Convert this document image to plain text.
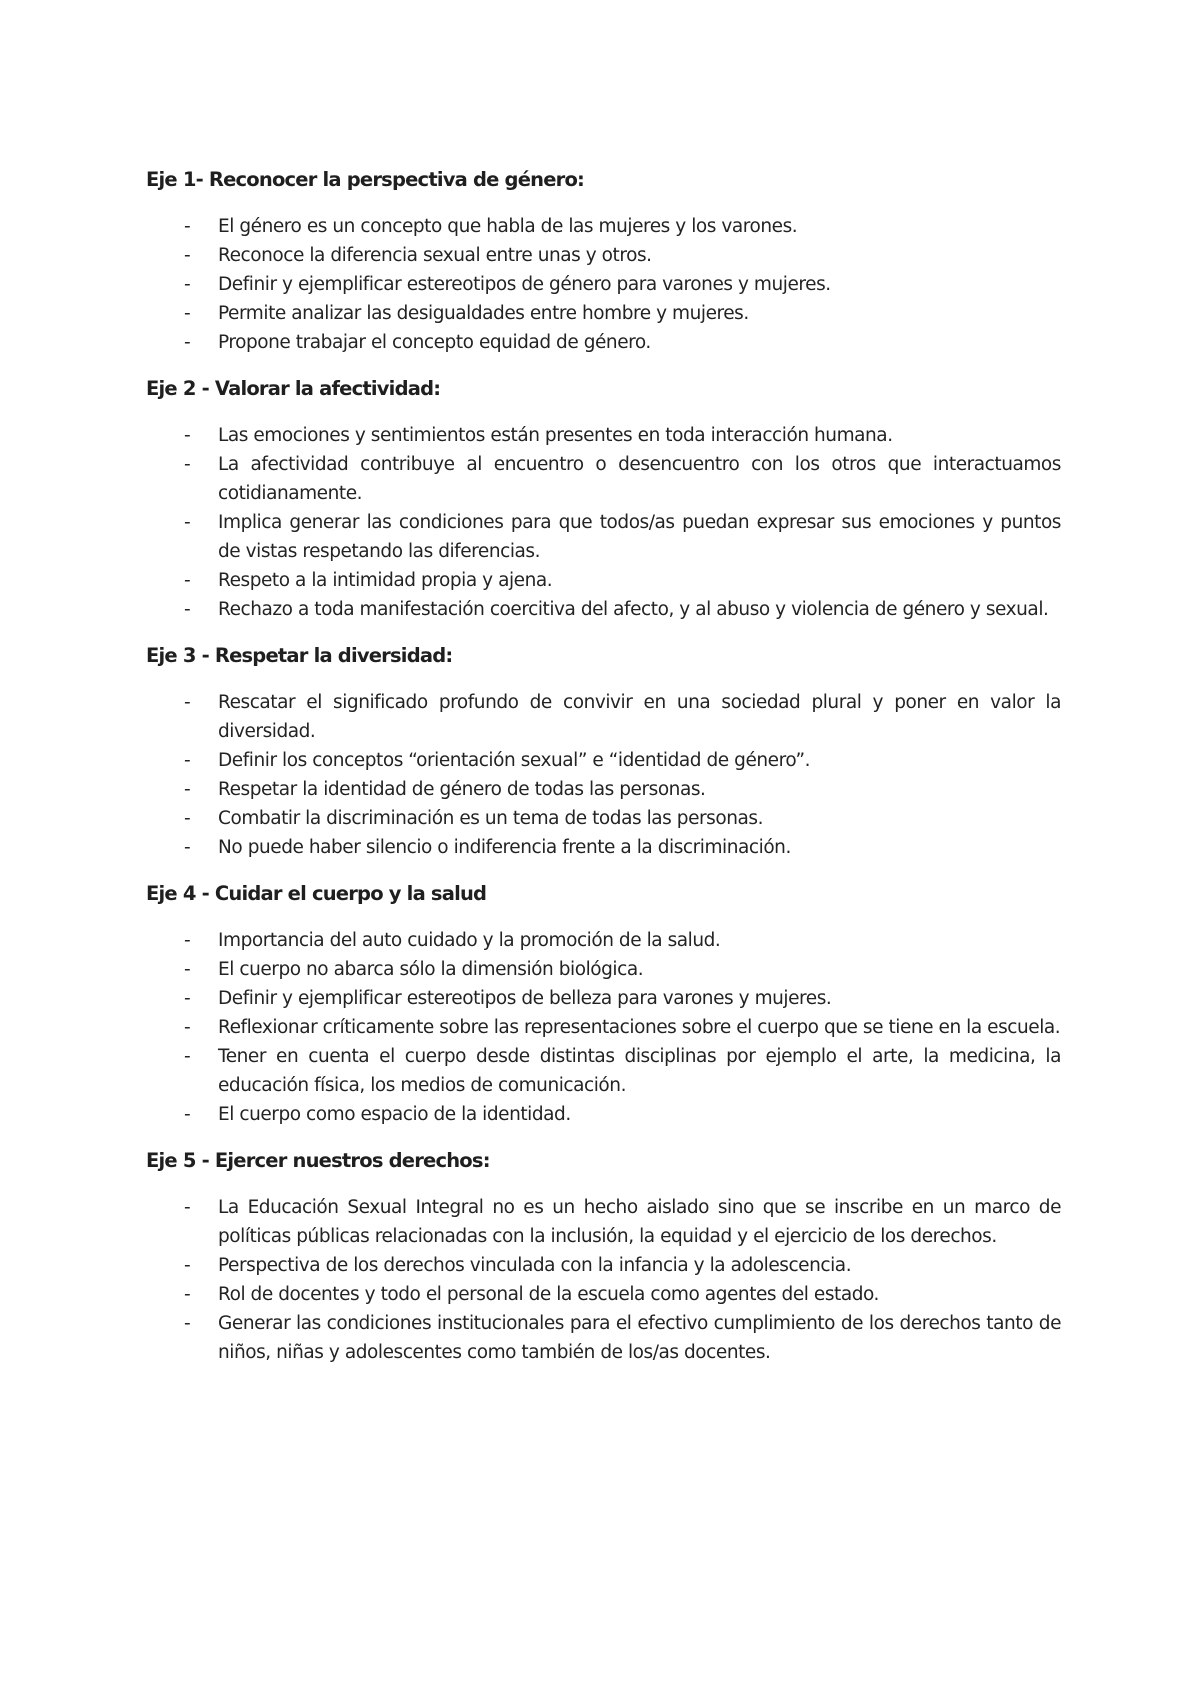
Eje 1- Reconocer la perspectiva de género:
-	El género es un concepto que habla de las mujeres y los varones.
-	Reconoce la diferencia sexual entre unas y otros.
-	Definir y ejemplificar estereotipos de género para varones y mujeres.
-	Permite analizar las desigualdades entre hombre y mujeres.
-	Propone trabajar el concepto equidad de género.
Eje 2 - Valorar la afectividad:
-	Las emociones y sentimientos están presentes en toda interacción humana.
-	La afectividad contribuye al encuentro o desencuentro con los otros que interactuamos cotidianamente.
-	Implica generar las condiciones para que todos/as puedan expresar sus emociones y puntos de vistas respetando las diferencias.
-	Respeto a la intimidad propia y ajena.
-	Rechazo a toda manifestación coercitiva del afecto, y al abuso y violencia de género y sexual.
Eje 3 - Respetar la diversidad:
-	Rescatar el significado profundo de convivir en una sociedad plural y poner en valor la diversidad.
-	Definir los conceptos “orientación sexual” e “identidad de género”.
-	Respetar la identidad de género de todas las personas.
-	Combatir la discriminación es un tema de todas las personas.
-	No puede haber silencio o indiferencia frente a la discriminación.
Eje 4 - Cuidar el cuerpo y la salud
-	Importancia del auto cuidado y la promoción de la salud.
-	El cuerpo no abarca sólo la dimensión biológica.
-	Definir y ejemplificar estereotipos de belleza para varones y mujeres.
-	Reflexionar críticamente sobre las representaciones sobre el cuerpo que se tiene en la escuela.
-	Tener en cuenta el cuerpo desde distintas disciplinas por ejemplo el arte, la medicina, la educación física, los medios de comunicación.
-	El cuerpo como espacio de la identidad.
Eje 5 - Ejercer nuestros derechos:
-	La Educación Sexual Integral no es un hecho aislado sino que se inscribe en un marco de políticas públicas relacionadas con la inclusión, la equidad y el ejercicio de los derechos.
-	Perspectiva de los derechos vinculada con la infancia y la adolescencia.
-	Rol de docentes y todo el personal de la escuela como agentes del estado.
-	Generar las condiciones institucionales para el efectivo cumplimiento de los derechos tanto de niños, niñas y adolescentes como también de los/as docentes.
